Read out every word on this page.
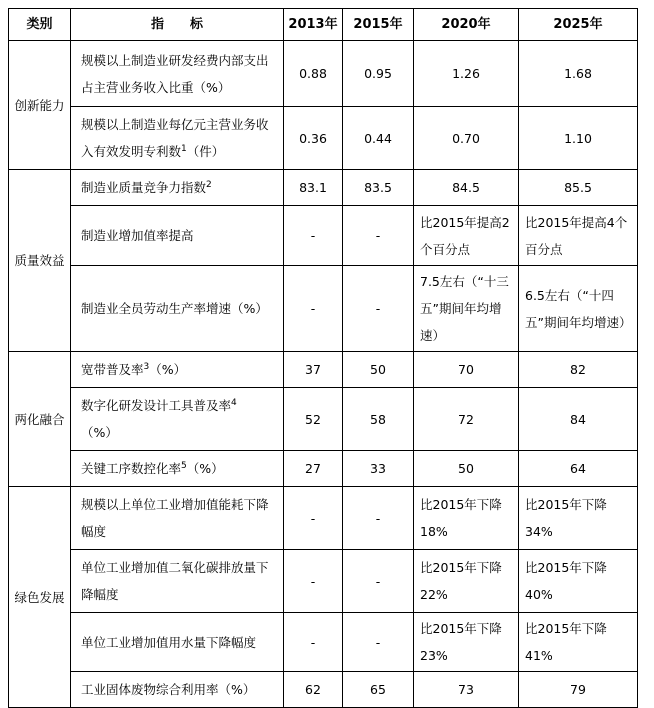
类别	指　　标	2013年	2015年	2020年	2025年
创新能力	规模以上制造业研发经费内部支出占主营业务收入比重（%）	0.88	0.95	1.26	1.68
	规模以上制造业每亿元主营业务收入有效发明专利数$^1$（件）	0.36	0.44	0.70	1.10
质量效益	制造业质量竞争力指数$^2$	83.1	83.5	84.5	85.5
	制造业增加值率提高	-	-	比2015年提高2个百分点	比2015年提高4个百分点
	制造业全员劳动生产率增速（%）	-	-	7.5左右（“十三五”期间年均增速）	6.5左右（“十四五”期间年均增速）
两化融合	宽带普及率$^3$（%）	37	50	70	82
	数字化研发设计工具普及率$^4$（%）	52	58	72	84
	关键工序数控化率$^5$（%）	27	33	50	64
绿色发展	规模以上单位工业增加值能耗下降幅度	-	-	比2015年下降18%	比2015年下降34%
	单位工业增加值二氧化碳排放量下降幅度	-	-	比2015年下降22%	比2015年下降40%
	单位工业增加值用水量下降幅度	-	-	比2015年下降23%	比2015年下降41%
	工业固体废物综合利用率（%）	62	65	73	79
